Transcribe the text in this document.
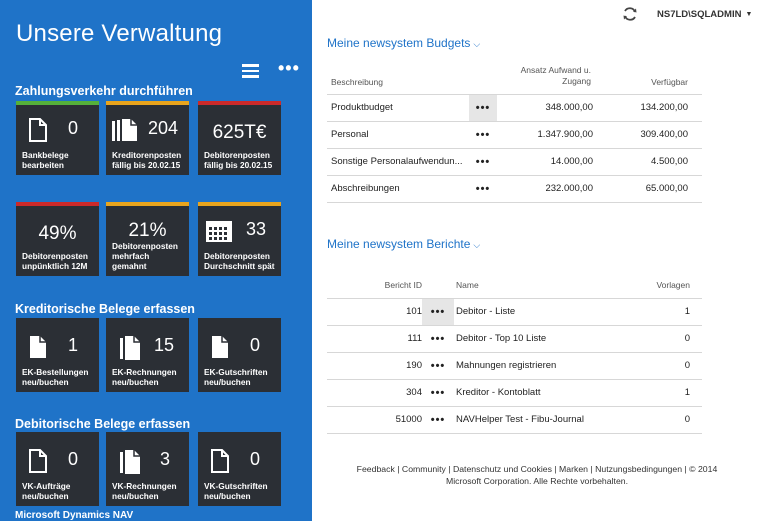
Unsere Verwaltung
•••
Zahlungsverkehr durchführen
0
Bankbelege bearbeiten
204
Kreditorenposten fällig bis 20.02.15
625T€
Debitorenposten fällig bis 20.02.15
49%
Debitorenposten unpünktlich 12M
21%
Debitorenposten mehrfach gemahnt
33
Debitorenposten Durchschnitt spät
Kreditorische Belege erfassen
1
EK-Bestellungen neu/buchen
15
EK-Rechnungen neu/buchen
0
EK-Gutschriften neu/buchen
Debitorische Belege erfassen
0
VK-Aufträge neu/buchen
3
VK-Rechnungen neu/buchen
0
VK-Gutschriften neu/buchen
Microsoft Dynamics NAV
NS7LD\SQLADMIN ▼
Meine newsystem Budgets ⌵
Beschreibung		Ansatz Aufwand u. Zugang	Verfügbar
Produktbudget	•••	348.000,00	134.200,00
Personal	•••	1.347.900,00	309.400,00
Sonstige Personalaufwendun...	•••	14.000,00	4.500,00
Abschreibungen	•••	232.000,00	65.000,00
Meine newsystem Berichte ⌵
Bericht ID		Name	Vorlagen
101	•••	Debitor - Liste	1
111	•••	Debitor - Top 10 Liste	0
190	•••	Mahnungen registrieren	0
304	•••	Kreditor - Kontoblatt	1
51000	•••	NAVHelper Test - Fibu-Journal	0
Feedback | Community | Datenschutz und Cookies | Marken | Nutzungsbedingungen | © 2014
Microsoft Corporation. Alle Rechte vorbehalten.
